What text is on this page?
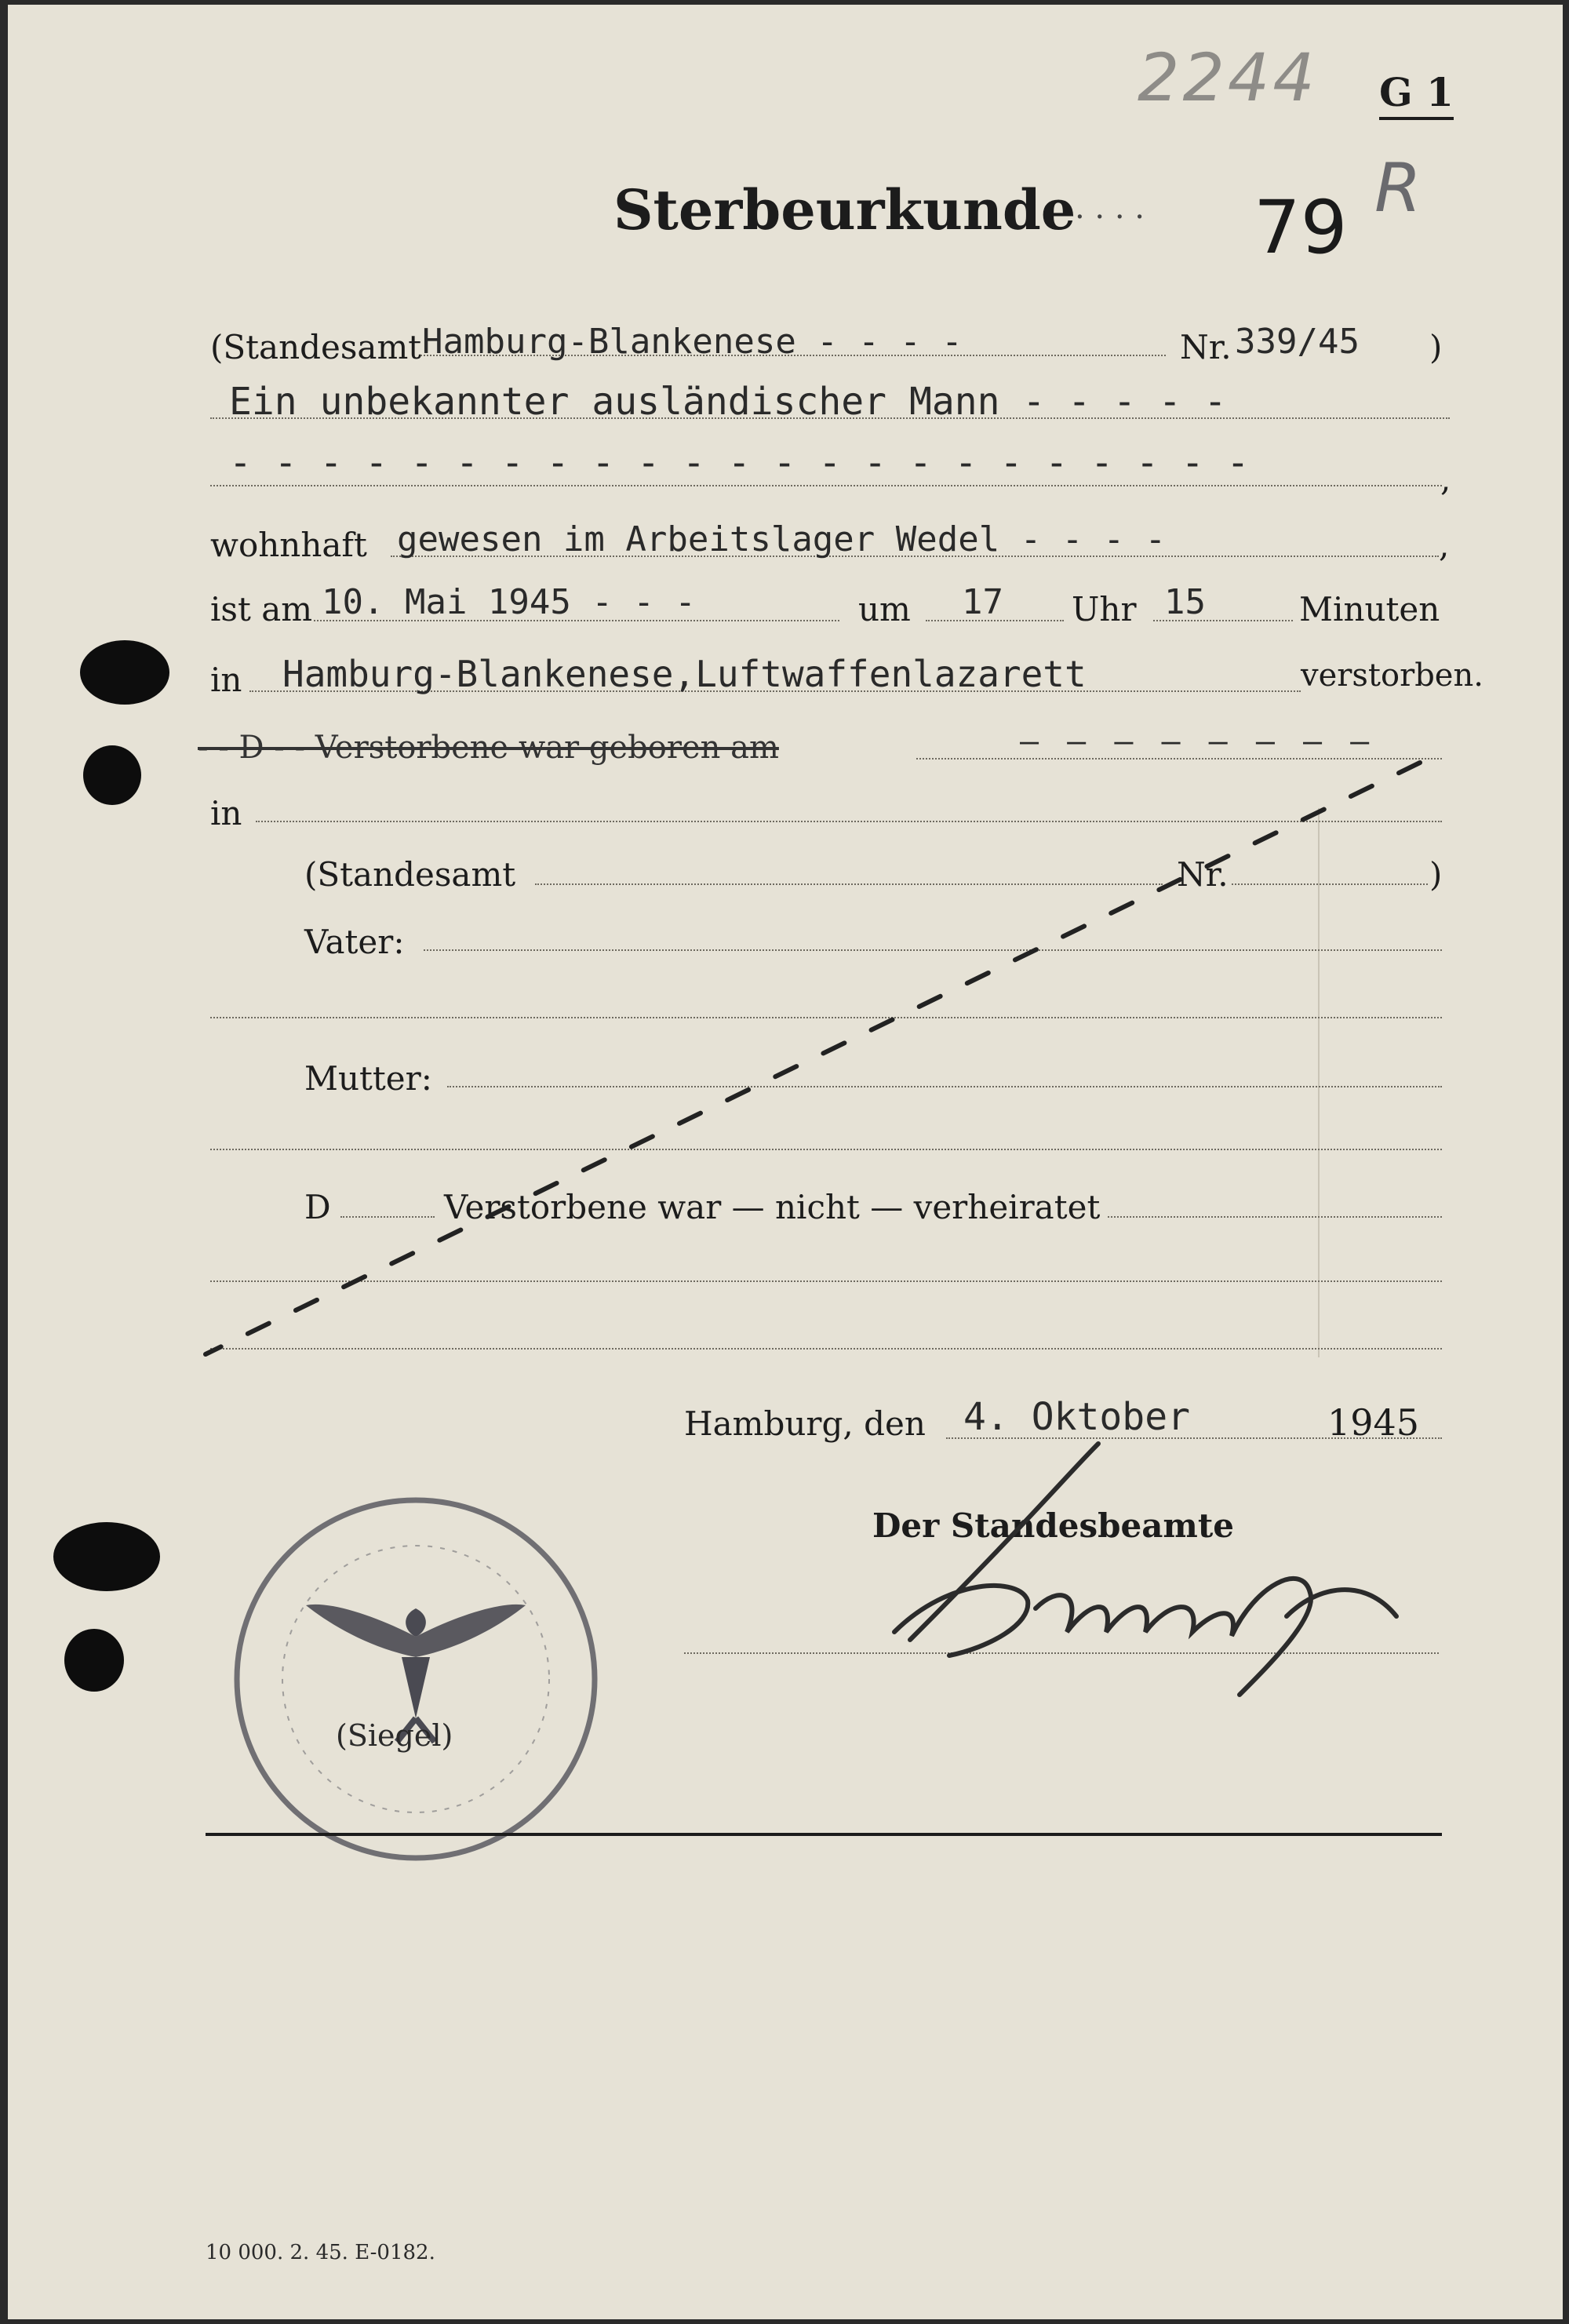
2244 G 1
R
Sterbeurkunde
. . . . 79
(Standesamt Hamburg-Blankenese - - - -	Nr. 339/45 )
Ein unbekannter ausländischer Mann - - - - -
- - - - - - - - - - - - - - - - - - - - - - -	,
wohnhaft gewesen im Arbeitslager Wedel - - - -	,
ist am 10. Mai 1945 - - -	um 17 Uhr 15	Minuten
in Hamburg-Blankenese,Luftwaffenlazarett	verstorben.
- - D - - Verstorbene war geboren am	— — — — — — — —
in
(Standesamt	Nr.	)
Vater:
Mutter:
D	Verstorbene war — nicht — verheiratet
Hamburg, den 4. Oktober	1945
Der Standesbeamte
(Siegel)
10 000. 2. 45. E-0182.
